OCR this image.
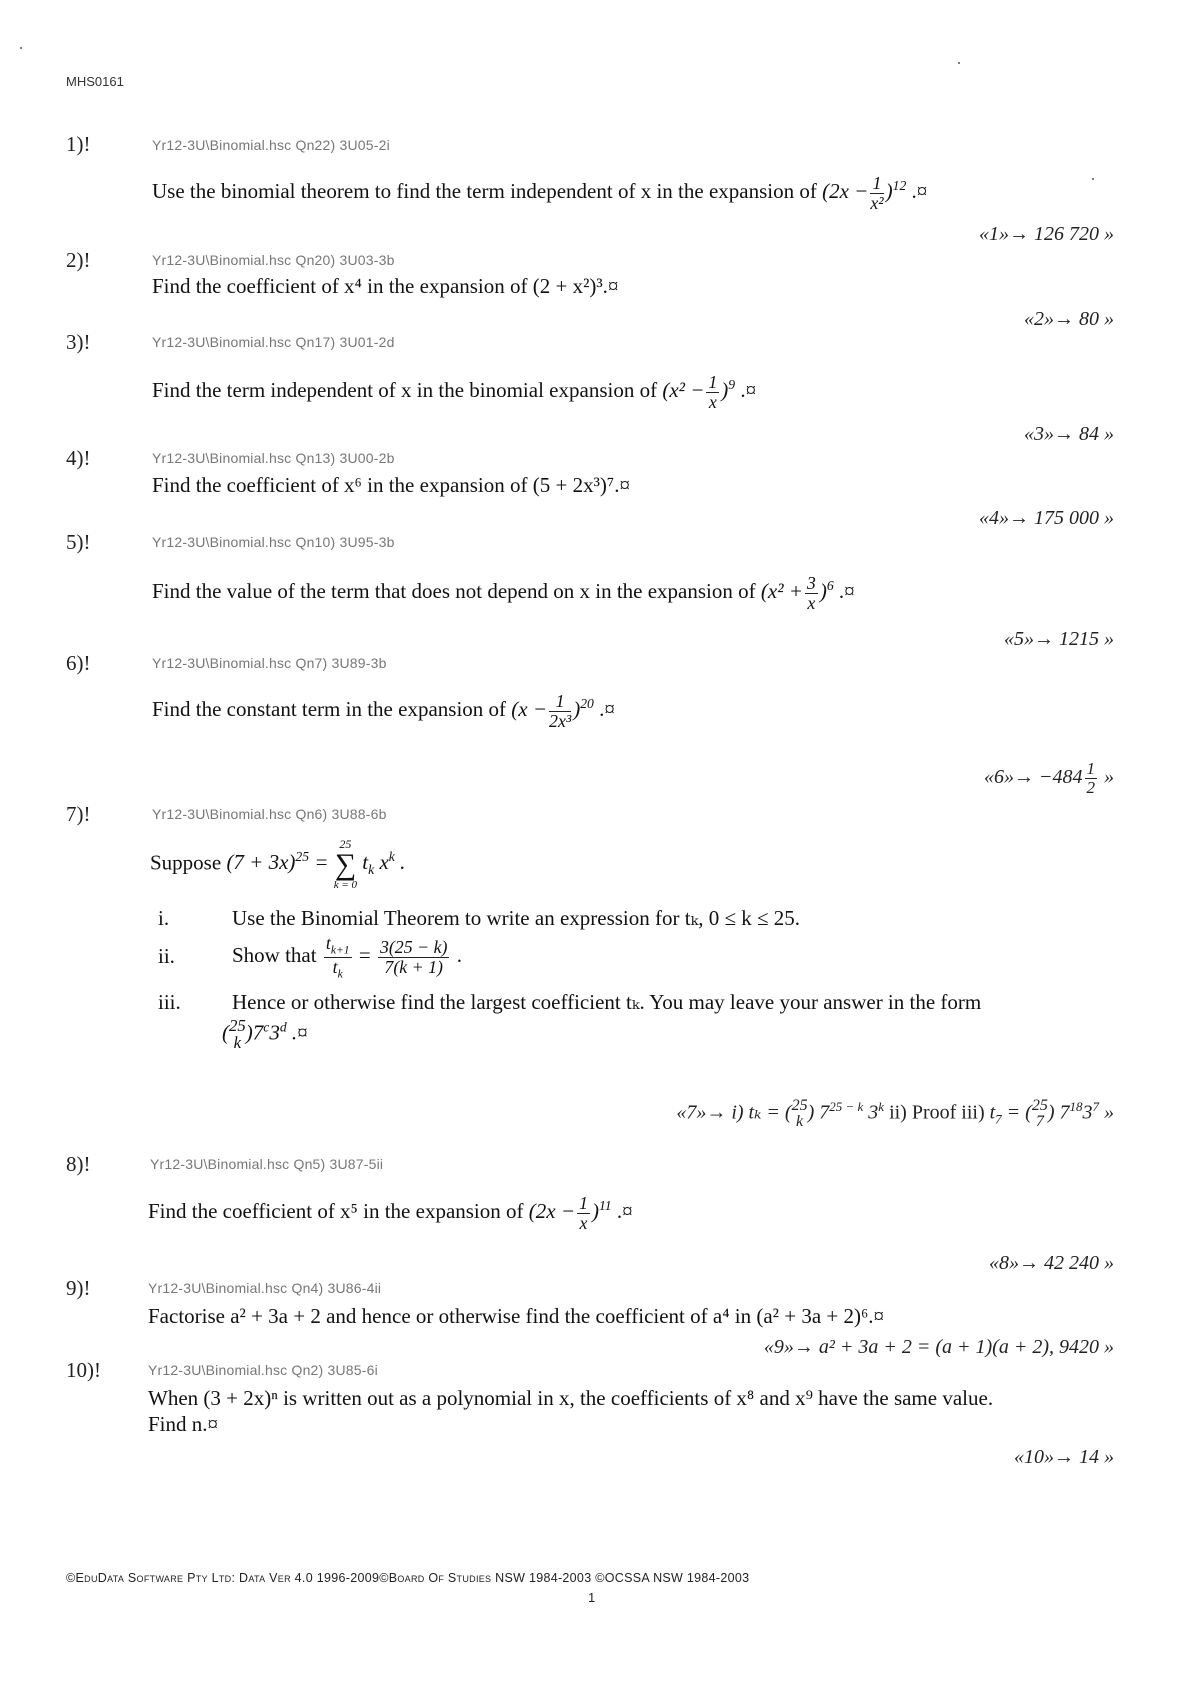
MHS0161
1)!	Yr12-3U\Binomial.hsc Qn22) 3U05-2i
Use the binomial theorem to find the term independent of x in the expansion of $(2x - \frac{1}{\text{x²}} )^{12}$ .¤
«1»→ 126 720 »
2)!	Yr12-3U\Binomial.hsc Qn20) 3U03-3b
Find the coefficient of x⁴ in the expansion of (2 + x²)³.¤
«2»→ 80 »
3)!	Yr12-3U\Binomial.hsc Qn17) 3U01-2d
Find the term independent of x in the binomial expansion of $(x^2 - \frac{1}{x} )^9$ .¤
«3»→ 84 »
4)!	Yr12-3U\Binomial.hsc Qn13) 3U00-2b
Find the coefficient of x⁶ in the expansion of (5 + 2x³)⁷.¤
«4»→ 175 000 »
5)!	Yr12-3U\Binomial.hsc Qn10) 3U95-3b
Find the value of the term that does not depend on x in the expansion of $(x^2 + \frac{3}{x} )^6$ .¤
«5»→ 1215 »
6)!	Yr12-3U\Binomial.hsc Qn7) 3U89-3b
Find the constant term in the expansion of $(x - \frac{1}{\text{2x³}} )^{20}$ .¤
«6»→ $-484 \frac{1}{2}$ »
7)!	Yr12-3U\Binomial.hsc Qn6) 3U88-6b
Suppose $(7 + 3x)^{25}$ =
25
∑
k = 0
$t_k$ $x^k$ .
i.	Use the Binomial Theorem to write an expression for tₖ, 0 ≤ k ≤ 25.
ii.	Show that $\frac{t_{k+1}}{t_k} = \frac{3(25 - k)}{7(k + 1)}$ .
iii. Hence or otherwise find the largest coefficient tₖ. You may leave your answer in the form
( 25
k )7$^c$3$^d$ .¤
«7»→ i) tₖ = ( 25
k ) $7^{25 - k}$ 3$^k$ ii) Proof iii) $t_7$ = ( 25
7 ) $7^{18}3^7$ »
8)!	Yr12-3U\Binomial.hsc Qn5) 3U87-5ii
Find the coefficient of x⁵ in the expansion of $(2x - \frac{1}{x} )^{11}$ .¤
«8»→ 42 240 »
9)!	Yr12-3U\Binomial.hsc Qn4) 3U86-4ii
Factorise a² + 3a + 2 and hence or otherwise find the coefficient of a⁴ in (a² + 3a + 2)⁶.¤
«9»→ a² + 3a + 2 = (a + 1)(a + 2), 9420 »
10)!	Yr12-3U\Binomial.hsc Qn2) 3U85-6i
When (3 + 2x)ⁿ is written out as a polynomial in x, the coefficients of x⁸ and x⁹ have the same value.
Find n.¤
«10»→ 14 »
©EduData Software Pty Ltd: Data Ver 4.0 1996-2009©Board Of Studies NSW 1984-2003 ©OCSSA NSW 1984-2003
1
